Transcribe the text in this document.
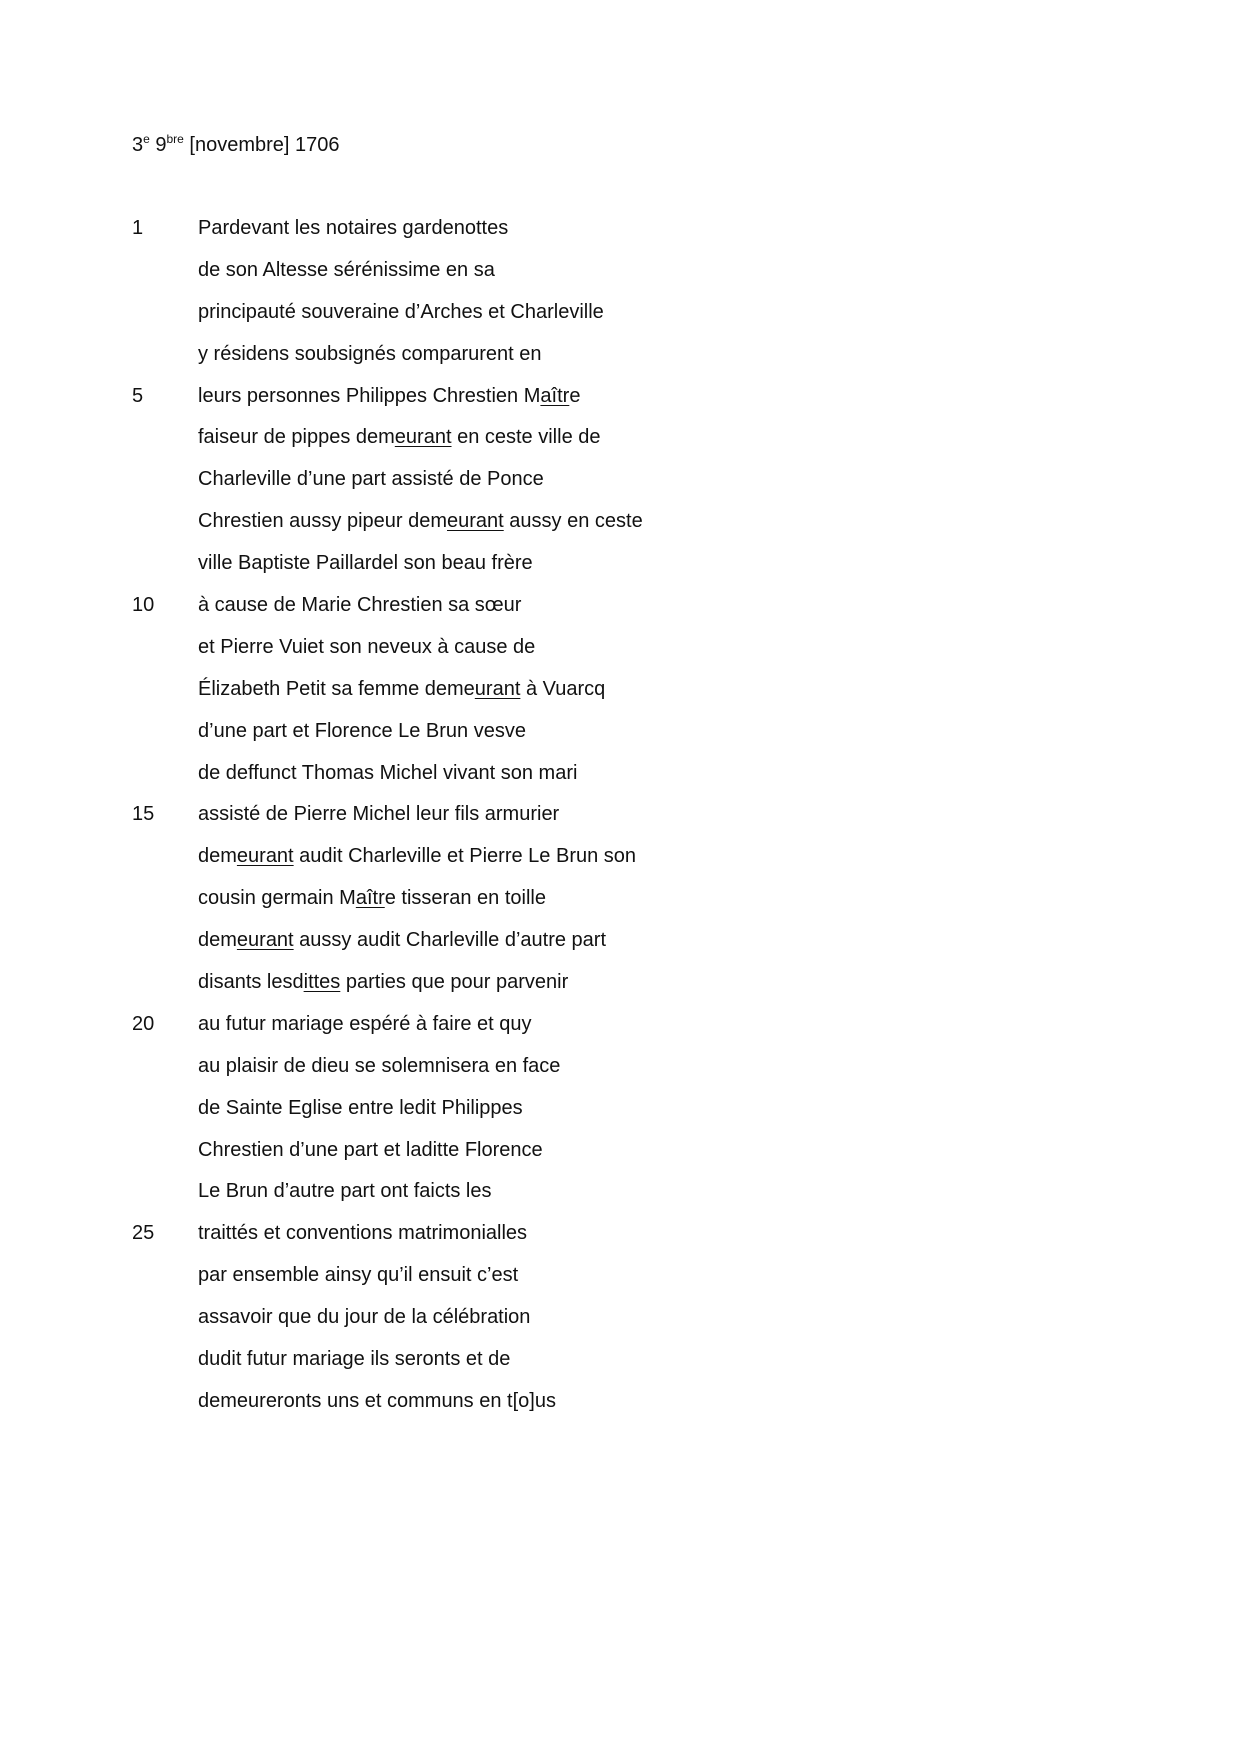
3e $9^{bre}$ [novembre] 1706
1	Pardevant les notaires gardenottes
de son Altesse sérénissime en sa
principauté souveraine d’Arches et Charleville
y résidens soubsignés comparurent en
5	leurs personnes Philippes Chrestien Maître
faiseur de pippes demeurant en ceste ville de
Charleville d’une part assisté de Ponce
Chrestien aussy pipeur demeurant aussy en ceste
ville Baptiste Paillardel son beau frère
10	à cause de Marie Chrestien sa sœur
et Pierre Vuiet son neveux à cause de
Élizabeth Petit sa femme demeurant à Vuarcq
d’une part et Florence Le Brun vesve
de deffunct Thomas Michel vivant son mari
15	assisté de Pierre Michel leur fils armurier
demeurant audit Charleville et Pierre Le Brun son
cousin germain Maître tisseran en toille
demeurant aussy audit Charleville d’autre part
disants lesdittes parties que pour parvenir
20	au futur mariage espéré à faire et quy
au plaisir de dieu se solemnisera en face
de Sainte Eglise entre ledit Philippes
Chrestien d’une part et laditte Florence
Le Brun d’autre part ont faicts les
25	traittés et conventions matrimonialles
par ensemble ainsy qu’il ensuit c’est
assavoir que du jour de la célébration
dudit futur mariage ils seronts et de
demeureronts uns et communs en t[o]us
